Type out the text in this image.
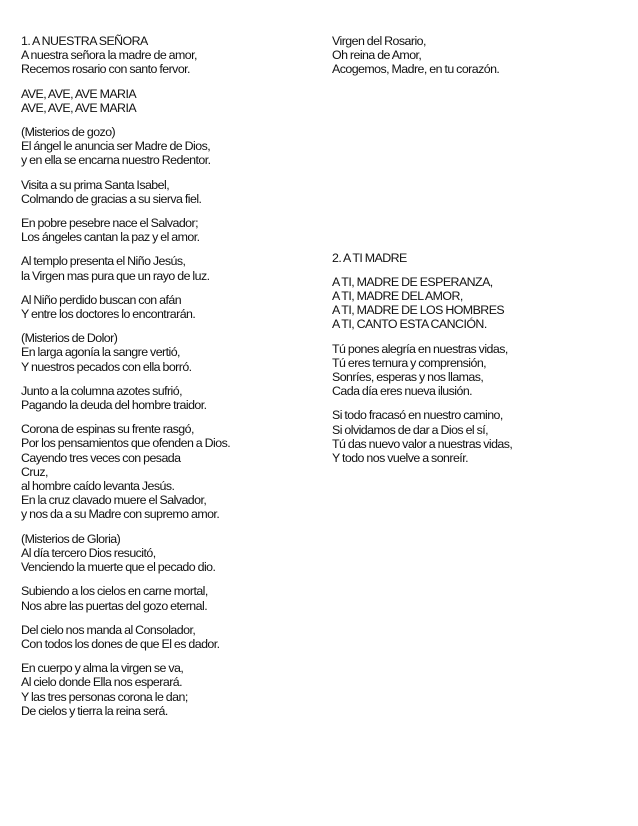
1. A NUESTRA SEÑORA
A nuestra señora la madre de amor,
Recemos rosario con santo fervor.
AVE, AVE, AVE MARIA
AVE, AVE, AVE MARIA
(Misterios de gozo)
El ángel le anuncia ser Madre de Dios,
y en ella se encarna nuestro Redentor.
Visita a su prima Santa Isabel,
Colmando de gracias a su sierva fiel.
En pobre pesebre nace el Salvador;
Los ángeles cantan la paz y el amor.
Al templo presenta el Niño Jesús,
la Virgen mas pura que un rayo de luz.
Al Niño perdido buscan con afán
Y entre los doctores lo encontrarán.
(Misterios de Dolor)
En larga agonía la sangre vertió,
Y nuestros pecados con ella borró.
Junto a la columna azotes sufrió,
Pagando la deuda del hombre traidor.
Corona de espinas su frente rasgó,
Por los pensamientos que ofenden a Dios.
Cayendo tres veces con pesada
Cruz,
al hombre caído levanta Jesús.
En la cruz clavado muere el Salvador,
y nos da a su Madre con supremo amor.
(Misterios de Gloria)
Al día tercero Dios resucitó,
Venciendo la muerte que el pecado dio.
Subiendo a los cielos en carne mortal,
Nos abre las puertas del gozo eternal.
Del cielo nos manda al Consolador,
Con todos los dones de que El es dador.
En cuerpo y alma la virgen se va,
Al cielo donde Ella nos esperará.
Y las tres personas corona le dan;
De cielos y tierra la reina será.
Virgen del Rosario,
Oh reina de Amor,
Acogemos, Madre, en tu corazón.
2. A TI MADRE
A TI, MADRE DE ESPERANZA,
A TI, MADRE DEL AMOR,
A TI, MADRE DE LOS HOMBRES
A TI, CANTO ESTA CANCIÓN.
Tú pones alegría en nuestras vidas,
Tú eres ternura y comprensión,
Sonríes, esperas y nos llamas,
Cada día eres nueva ilusión.
Si todo fracasó en nuestro camino,
Si olvidamos de dar a Dios el sí,
Tú das nuevo valor a nuestras vidas,
Y todo nos vuelve a sonreír.
